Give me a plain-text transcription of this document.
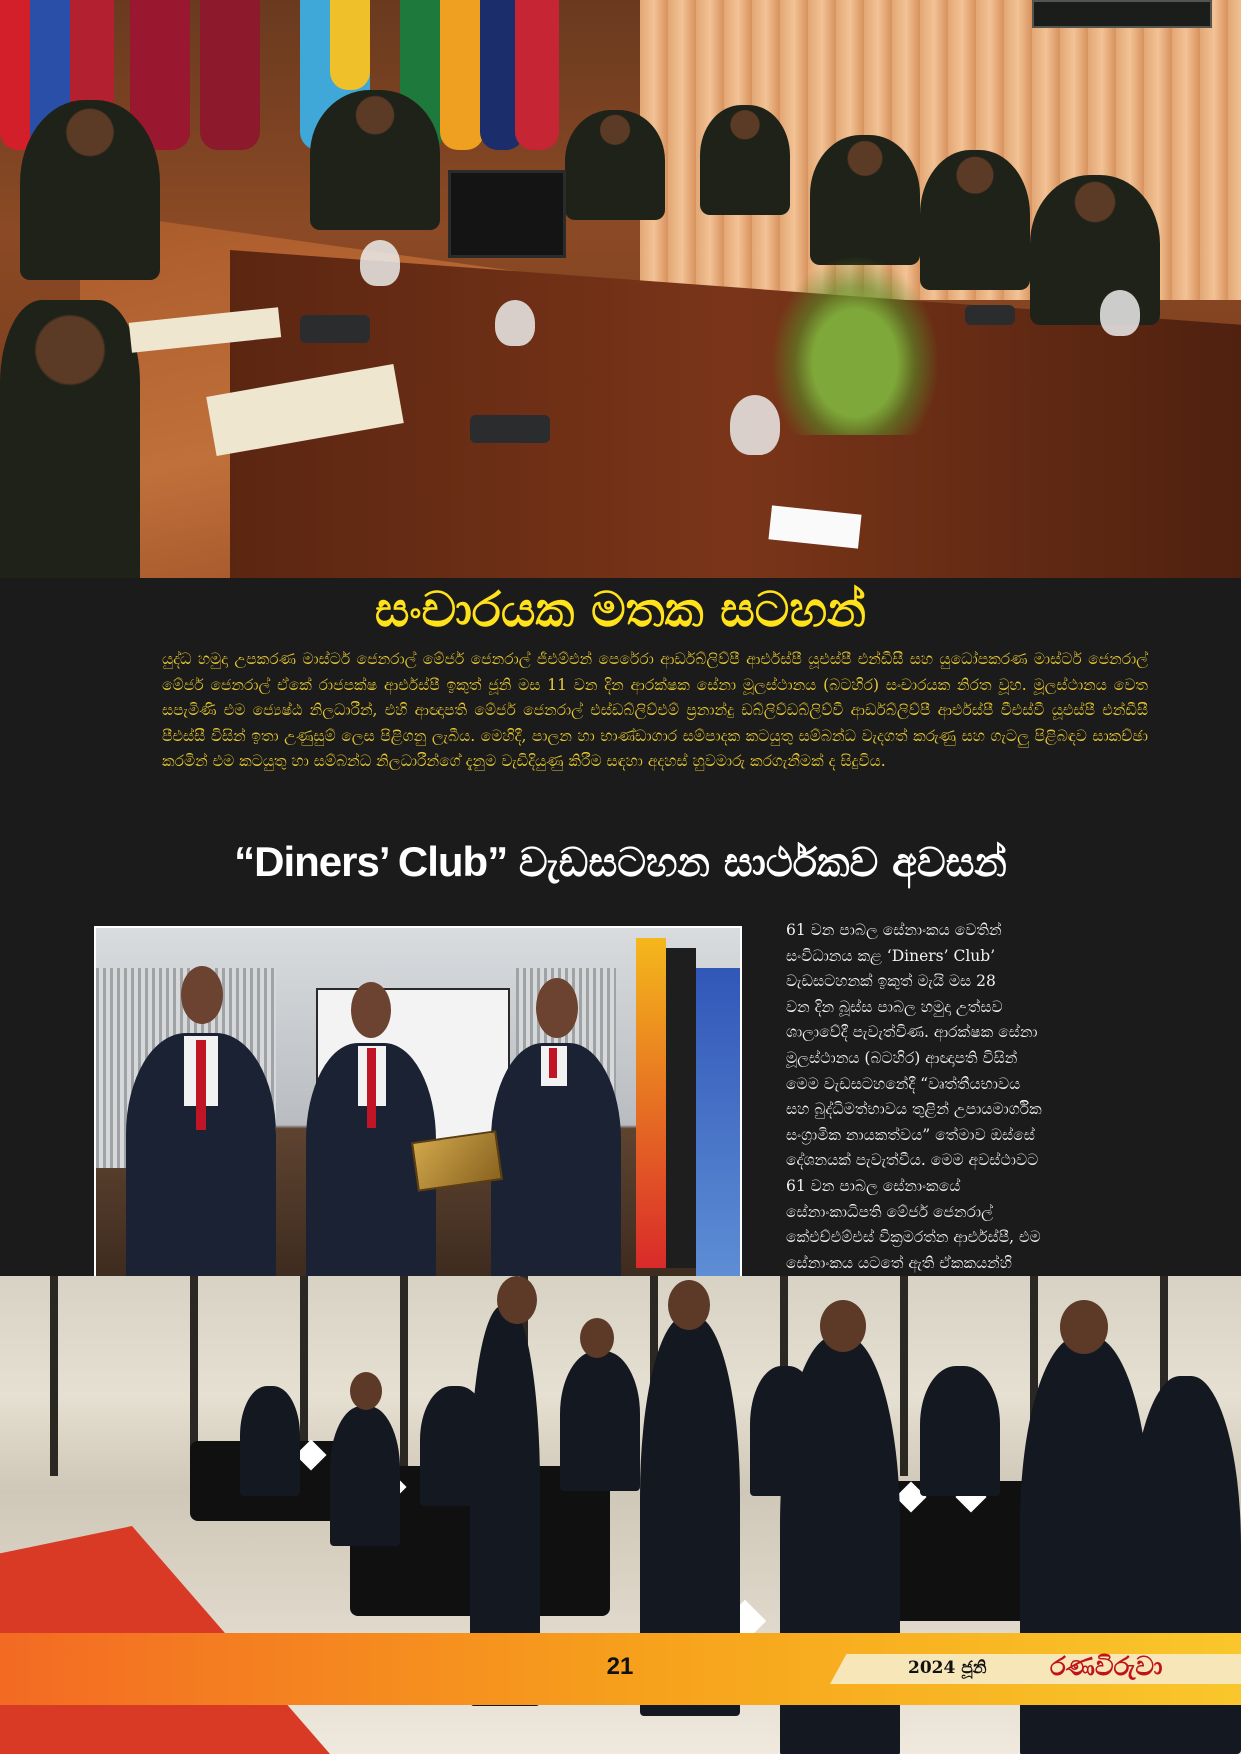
සංචාරයක මතක සටහන්
යුද්ධ හමුදා උපකරණ මාස්ටර් ජෙනරාල් මේජර් ජෙනරාල් ජීඑම්එන් පෙරේරා ආර්ඩබ්ලිව්පී ආර්එස්පී යූඑස්පී එන්ඩීසී සහ යුධෝපකරණ මාස්ටර් ජෙනරාල් මේජර් ජෙනරාල් ඒකේ රාජපක්ෂ ආර්එස්පී ඉකුත් ජූනි මස 11 වන දින ආරක්ෂක සේනා මූලස්ථානය (බටහිර) සංචාරයක නිරත වූහ. මූලස්ථානය වෙත සපැමිණි එම ජ්‍යෙෂ්ඨ නිලධාරීන්, එහි ආඥාපති මේජර් ජෙනරාල් එස්ඩබ්ලිව්එම් ප්‍රනාන්දු ඩබ්ලිව්ඩබ්ලිව්වී ආර්ඩබ්ලිව්පී ආර්එස්පී වීඑස්වී යූඑස්පී එන්ඩීසී පීඑස්සී විසින් ඉතා උණුසුම් ලෙස පිළිගනු ලැබීය. මෙහිදී, පාලන හා භාණ්ඩාගාර සම්පාදක කටයුතු සම්බන්ධ වැදගත් කරුණු සහ ගැටලු පිළිබඳව සාකච්ඡා කරමින් එම කටයුතු හා සම්බන්ධ නිලධාරීන්ගේ දැනුම වැඩිදියුණු කිරීම සඳහා අදහස් හුවමාරු කරගැනීමක් ද සිදුවිය.
“Diners’ Club” වැඩසටහන සාර්ථකව අවසන්
61 වන පාබල සේනාංකය වෙතින්
සංවිධානය කළ ‘Diners’ Club’
වැඩසටහනක් ඉකුත් මැයි මස 28
වන දින බූස්ස පාබල හමුදා උත්සව
ශාලාවේදී පැවැත්විණ. ආරක්ෂක සේනා
මූලස්ථානය (බටහිර) ආඥාපති විසින්
මෙම වැඩසටහනේදී “වෘත්තීයභාවය
සහ බුද්ධිමත්භාවය තුළින් උපායමාර්ගික
සංග්‍රාමික නායකත්වය” තේමාව ඔස්සේ
දේශනයක් පැවැත්වීය. මෙම අවස්ථාවට
61 වන පාබල සේනාංකයේ
සේනාංකාධිපති මේජර් ජෙනරාල්
කේඑච්එම්එස් වික්‍රමරත්න ආර්එස්පී, එම
සේනාංකය යටතේ ඇති ඒකකයන්හි

21	2024 ජූනි රණවිරුවා
